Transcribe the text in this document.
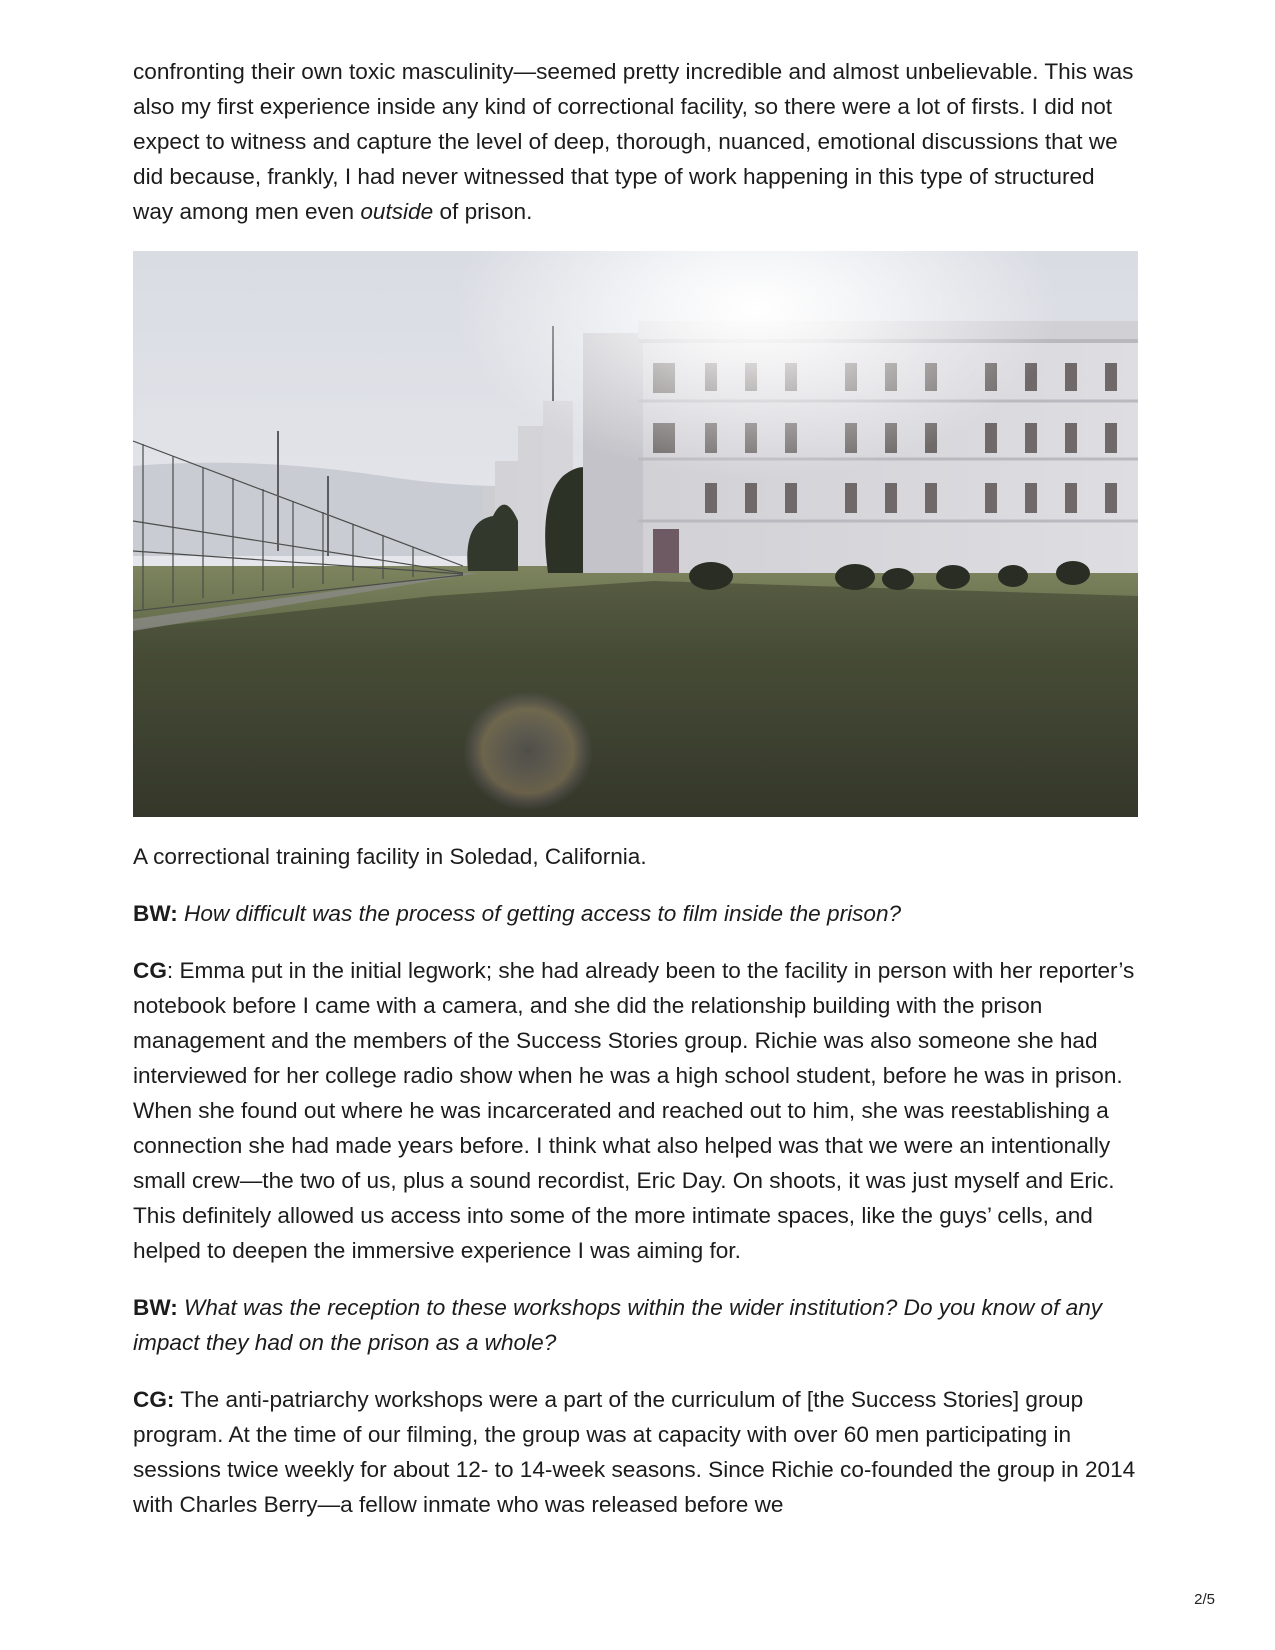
confronting their own toxic masculinity—seemed pretty incredible and almost unbelievable. This was also my first experience inside any kind of correctional facility, so there were a lot of firsts. I did not expect to witness and capture the level of deep, thorough, nuanced, emotional discussions that we did because, frankly, I had never witnessed that type of work happening in this type of structured way among men even outside of prison.

A correctional training facility in Soledad, California.

BW: How difficult was the process of getting access to film inside the prison?

CG: Emma put in the initial legwork; she had already been to the facility in person with her reporter’s notebook before I came with a camera, and she did the relationship building with the prison management and the members of the Success Stories group. Richie was also someone she had interviewed for her college radio show when he was a high school student, before he was in prison. When she found out where he was incarcerated and reached out to him, she was reestablishing a connection she had made years before. I think what also helped was that we were an intentionally small crew—the two of us, plus a sound recordist, Eric Day. On shoots, it was just myself and Eric. This definitely allowed us access into some of the more intimate spaces, like the guys’ cells, and helped to deepen the immersive experience I was aiming for.

BW: What was the reception to these workshops within the wider institution? Do you know of any impact they had on the prison as a whole?

CG: The anti-patriarchy workshops were a part of the curriculum of [the Success Stories] group program. At the time of our filming, the group was at capacity with over 60 men participating in sessions twice weekly for about 12- to 14-week seasons. Since Richie co-founded the group in 2014 with Charles Berry—a fellow inmate who was released before we

2/5
